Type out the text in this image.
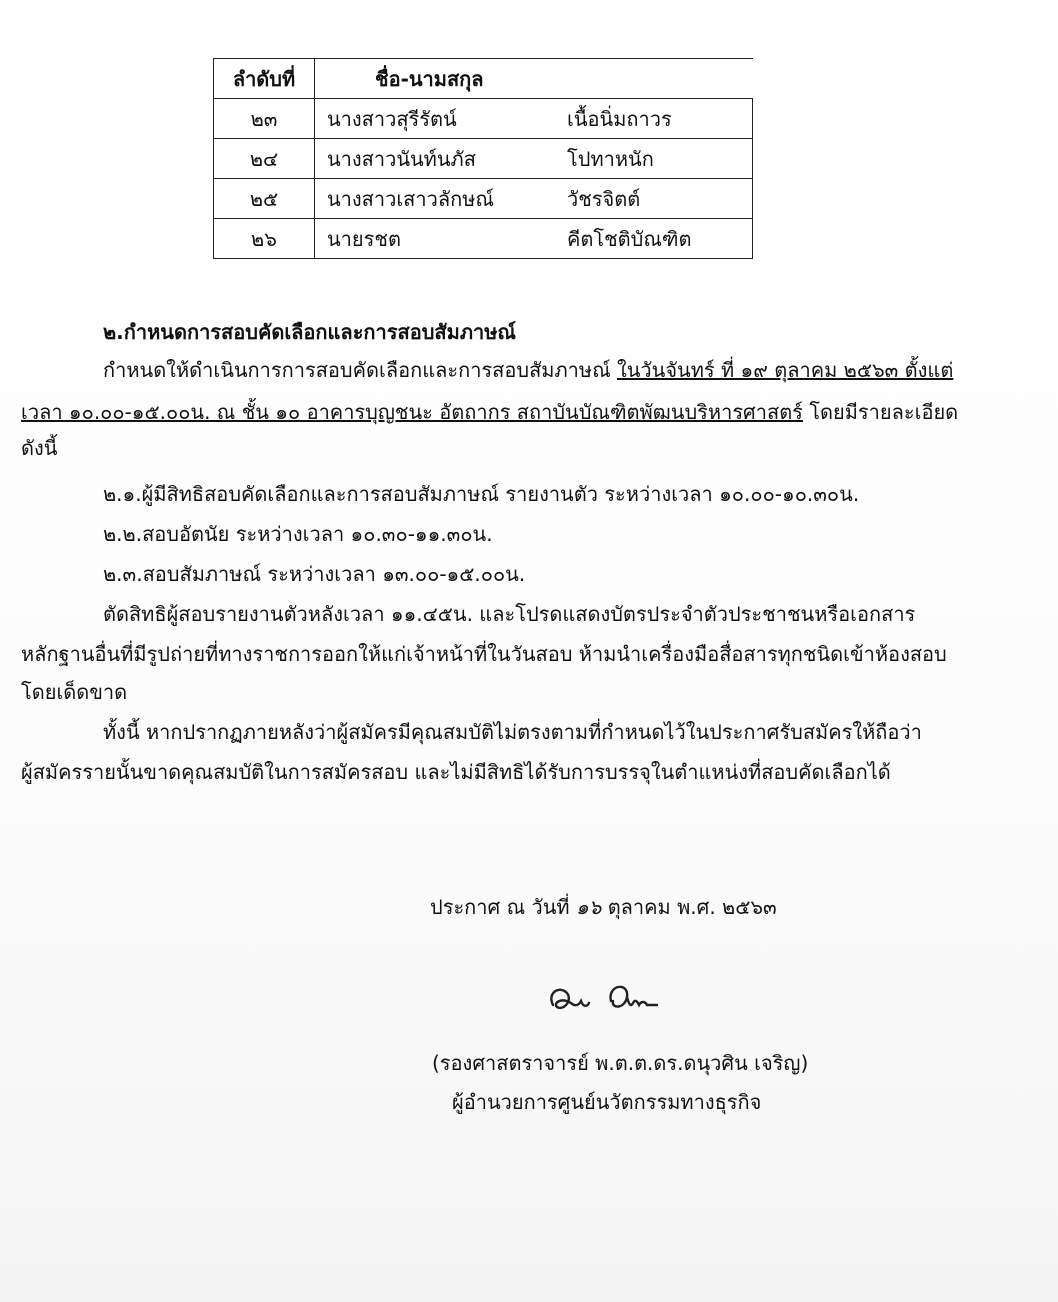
ลำดับที่	ชื่อ-นามสกุล	
๒๓	นางสาวสุรีรัตน์	เนื้อนิ่มถาวร
๒๔	นางสาวนันท์นภัส	โปทาหนัก
๒๕	นางสาวเสาวลักษณ์	วัชรจิตต์
๒๖	นายรชต	คีตโชติบัณฑิต
๒.กำหนดการสอบคัดเลือกและการสอบสัมภาษณ์
กำหนดให้ดำเนินการการสอบคัดเลือกและการสอบสัมภาษณ์ ในวันจันทร์ ที่ ๑๙ ตุลาคม ๒๕๖๓ ตั้งแต่
เวลา ๑๐.๐๐-๑๕.๐๐น. ณ ชั้น ๑๐ อาคารบุญชนะ อัตถากร สถาบันบัณฑิตพัฒนบริหารศาสตร์ โดยมีรายละเอียด
ดังนี้
๒.๑.ผู้มีสิทธิสอบคัดเลือกและการสอบสัมภาษณ์ รายงานตัว ระหว่างเวลา ๑๐.๐๐-๑๐.๓๐น.
๒.๒.สอบอัตนัย ระหว่างเวลา ๑๐.๓๐-๑๑.๓๐น.
๒.๓.สอบสัมภาษณ์ ระหว่างเวลา ๑๓.๐๐-๑๕.๐๐น.
ตัดสิทธิผู้สอบรายงานตัวหลังเวลา ๑๑.๔๕น. และโปรดแสดงบัตรประจำตัวประชาชนหรือเอกสาร
หลักฐานอื่นที่มีรูปถ่ายที่ทางราชการออกให้แก่เจ้าหน้าที่ในวันสอบ ห้ามนำเครื่องมือสื่อสารทุกชนิดเข้าห้องสอบ
โดยเด็ดขาด
ทั้งนี้ หากปรากฏภายหลังว่าผู้สมัครมีคุณสมบัติไม่ตรงตามที่กำหนดไว้ในประกาศรับสมัครให้ถือว่า
ผู้สมัครรายนั้นขาดคุณสมบัติในการสมัครสอบ และไม่มีสิทธิได้รับการบรรจุในตำแหน่งที่สอบคัดเลือกได้
ประกาศ ณ วันที่ ๑๖ ตุลาคม พ.ศ. ๒๕๖๓
(รองศาสตราจารย์ พ.ต.ต.ดร.ดนุวศิน เจริญ)
ผู้อำนวยการศูนย์นวัตกรรมทางธุรกิจ
